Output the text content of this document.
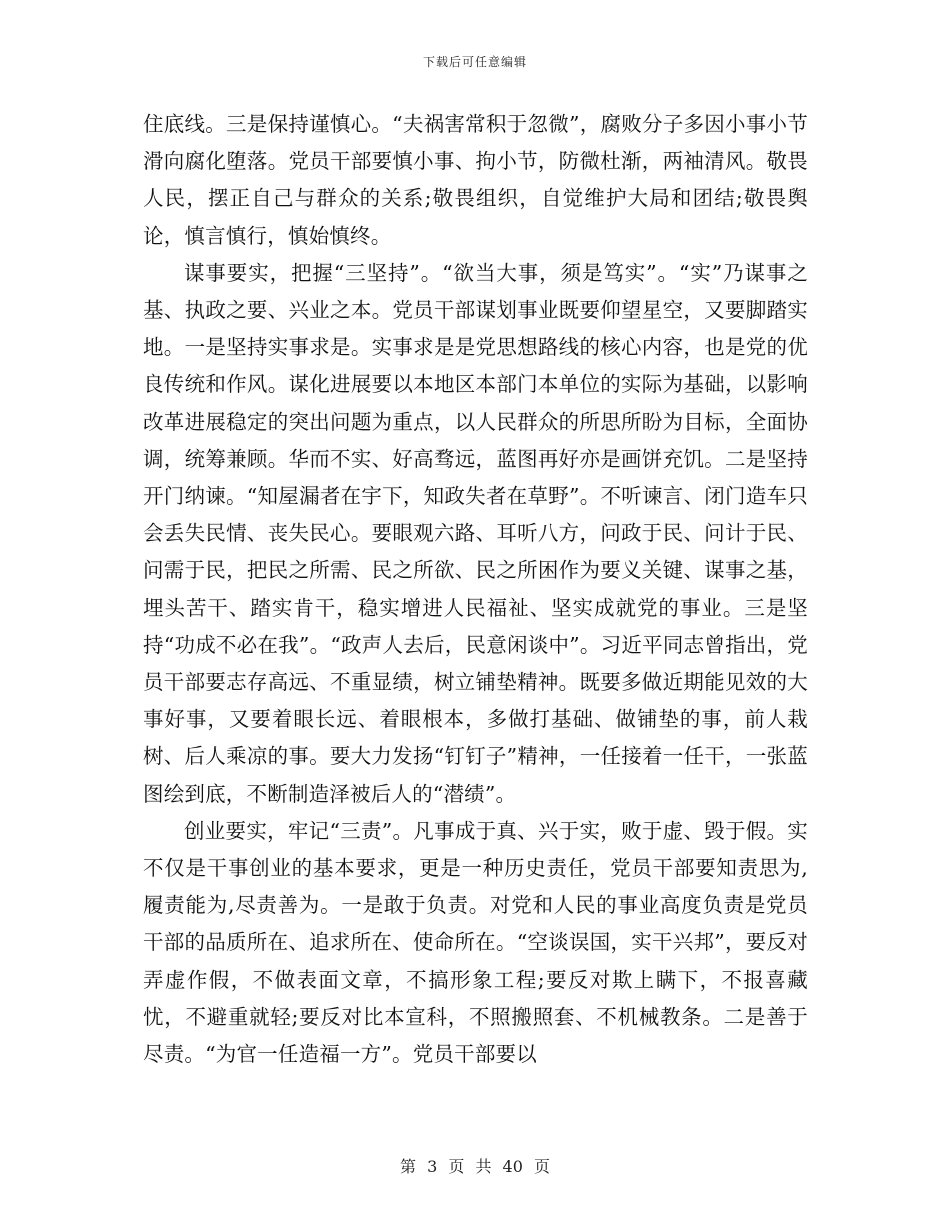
下载后可任意编辑

住底线。三是保持谨慎心。“夫祸害常积于忽微”，腐败分子多因小事小节滑向腐化堕落。党员干部要慎小事、拘小节，防微杜渐，两袖清风。敬畏人民，摆正自己与群众的关系;敬畏组织，自觉维护大局和团结;敬畏舆论，慎言慎行，慎始慎终。

谋事要实，把握“三坚持”。“欲当大事，须是笃实”。“实”乃谋事之基、执政之要、兴业之本。党员干部谋划事业既要仰望星空，又要脚踏实地。一是坚持实事求是。实事求是是党思想路线的核心内容，也是党的优良传统和作风。谋化进展要以本地区本部门本单位的实际为基础，以影响改革进展稳定的突出问题为重点，以人民群众的所思所盼为目标，全面协调，统筹兼顾。华而不实、好高骛远，蓝图再好亦是画饼充饥。二是坚持开门纳谏。“知屋漏者在宇下，知政失者在草野”。不听谏言、闭门造车只会丢失民情、丧失民心。要眼观六路、耳听八方，问政于民、问计于民、问需于民，把民之所需、民之所欲、民之所困作为要义关键、谋事之基，埋头苦干、踏实肯干，稳实增进人民福祉、坚实成就党的事业。三是坚持“功成不必在我”。“政声人去后，民意闲谈中”。习近平同志曾指出，党员干部要志存高远、不重显绩，树立铺垫精神。既要多做近期能见效的大事好事，又要着眼长远、着眼根本，多做打基础、做铺垫的事，前人栽树、后人乘凉的事。要大力发扬“钉钉子”精神，一任接着一任干，一张蓝图绘到底，不断制造泽被后人的“潜绩”。

创业要实，牢记“三责”。凡事成于真、兴于实，败于虚、毁于假。实不仅是干事创业的基本要求，更是一种历史责任，党员干部要知责思为,履责能为,尽责善为。一是敢于负责。对党和人民的事业高度负责是党员干部的品质所在、追求所在、使命所在。“空谈误国，实干兴邦”，要反对弄虚作假，不做表面文章，不搞形象工程;要反对欺上瞒下，不报喜藏忧，不避重就轻;要反对比本宣科，不照搬照套、不机械教条。二是善于尽责。“为官一任造福一方”。党员干部要以

第 3 页 共 40 页
